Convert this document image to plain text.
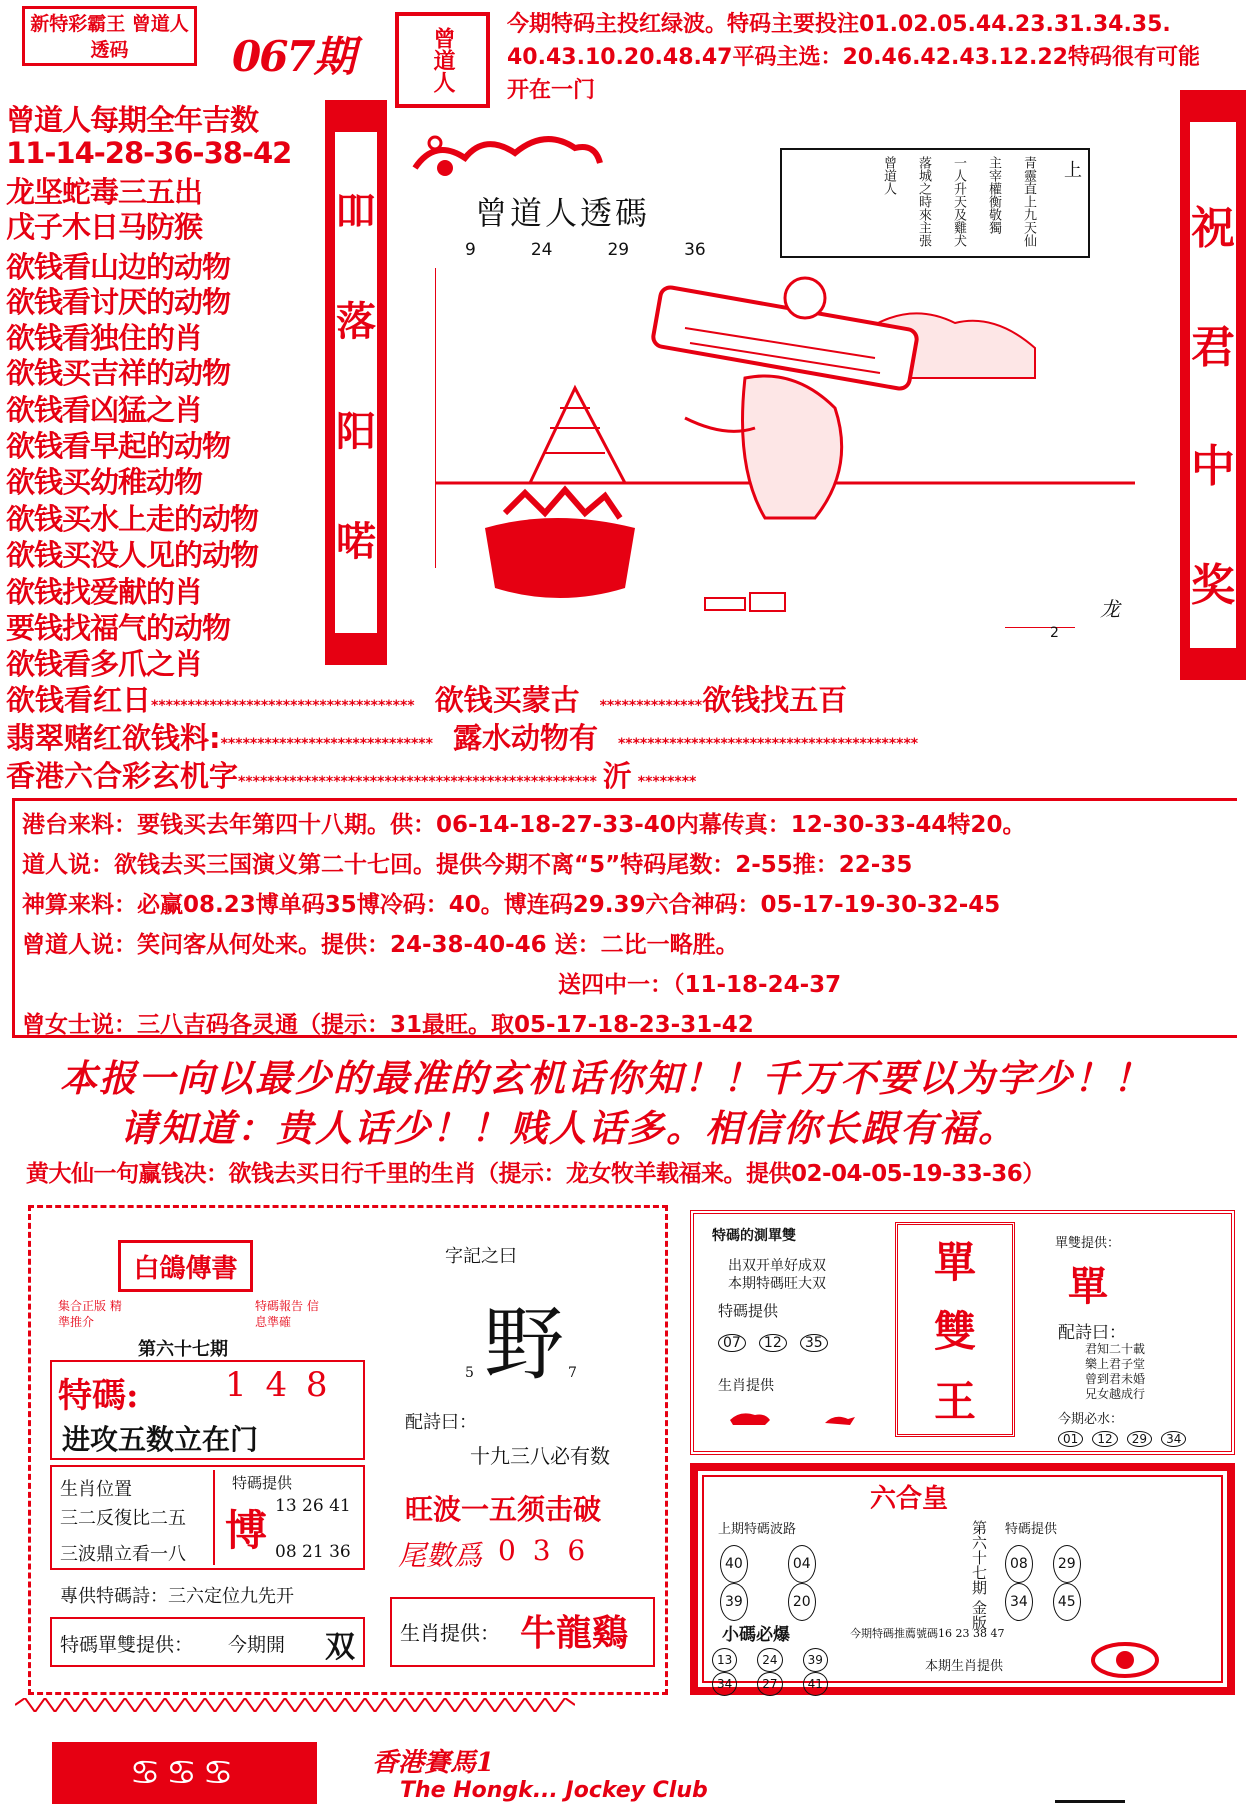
新特彩霸王 曾道人透码	067期	曾道人
今期特码主投红绿波。特码主要投注01.02.05.44.23.31.34.35.
40.43.10.20.48.47平码主选：20.46.42.43.12.22特码很有可能
开在一门
曾道人每期全年吉数
11-14-28-36-38-42
龙坚蛇毒三五出
戊子木日马防猴
欲钱看山边的动物
欲钱看讨厌的动物
欲钱看独住的肖
欲钱买吉祥的动物
欲钱看凶猛之肖
欲钱看早起的动物
欲钱买幼稚动物
欲钱买水上走的动物
欲钱买没人见的动物
欲钱找爱献的肖
要钱找福气的动物
欲钱看多爪之肖
吅
落
阳
喏
祝
君
中
奖
曾道人透碼
9	24	29	36
上
青靈直上九天仙
主宰權衡敬獨
一人升天及雞犬
落城之時來主張
曾道人
龙
2
欲钱看红日************************************ 欲钱买蒙古 **************欲钱找五百
翡翠赌红欲钱料:***************************** 露水动物有 *****************************************
香港六合彩玄机字************************************************* 沂 ********
港台来料：要钱买去年第四十八期。供：06-14-18-27-33-40内幕传真：12-30-33-44特20。
道人说：欲钱去买三国演义第二十七回。提供今期不离“5”特码尾数：2-55推：22-35
神算来料：必赢08.23博单码35博冷码：40。博连码29.39六合神码：05-17-19-30-32-45
曾道人说：笑问客从何处来。提供：24-38-40-46 送：二比一略胜。
送四中一：（11-18-24-37
曾女士说：三八吉码各灵通（提示：31最旺。取05-17-18-23-31-42
本报一向以最少的最准的玄机话你知！！千万不要以为字少！！
请知道：贵人话少！！贱人话多。相信你长跟有福。
黄大仙一句赢钱决：欲钱去买日行千里的生肖（提示：龙女牧羊载福来。提供02-04-05-19-33-36）
白鴿傳書
集合正版 精準推介
特碼報告 信息準確
第六十七期
特碼:	1 4 8
进攻五数立在门
生肖位置
三二反復比二五
三波鼎立看一八
特碼提供
博 13 26 41
08 21 36
專供特碼詩：三六定位九先开
特碼單雙提供： 今期開 双
字記之曰
野
5	7
配詩曰：
十九三八必有数
旺波一五须击破
尾數爲 0 3 6
生肖提供： 牛龍鷄
特碼的測單雙
出双开单好成双
本期特碼旺大双
特碼提供
07 12 35
生肖提供
單
雙
王
單雙提供：
單
配詩曰：
君知二十載
樂上君子堂
曾到君未婚
兄女越成行
今期必水：
01 12 29 34
六合皇
上期特碼波路
40	04
39	20	第六十七期 金版 特碼提供
08 29
34 45
小碼必爆	今期特碼推薦號碼16 23 38 47
13	24	39
34	27	41
本期生肖提供
♋♋♋	香港賽馬1
The Hongk... Jockey Club
